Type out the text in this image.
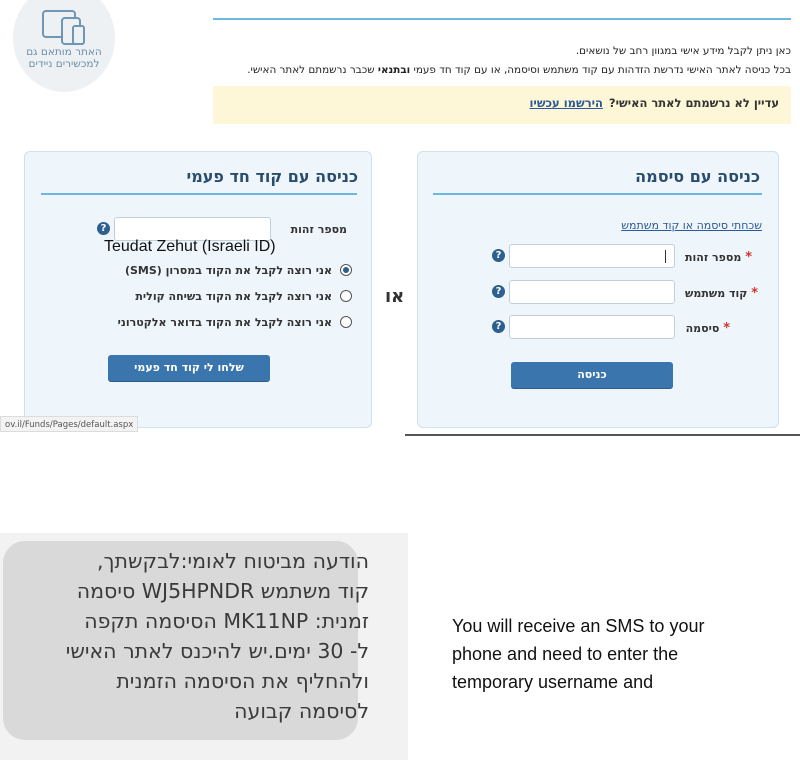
האתר מותאם גם
למכשירים ניידים

כאן ניתן לקבל מידע אישי במגוון רחב של נושאים.

בכל כניסה לאתר האישי נדרשת הזדהות עם קוד משתמש וסיסמה, או עם קוד חד פעמי ובתנאי שכבר נרשמתם לאתר האישי.

עדיין לא נרשמתם לאתר האישי?הירשמו עכשיו
כניסה עם סיסמה
שכחתי סיסמה או קוד משתמש
* מספר זהות
?
* קוד משתמש
?
* סיסמה
?
כניסה
או
כניסה עם קוד חד פעמי
מספר זהות
?
Teudat Zehut (Israeli ID)
אני רוצה לקבל את הקוד במסרון (SMS)
אני רוצה לקבל את הקוד בשיחה קולית
אני רוצה לקבל את הקוד בדואר אלקטרוני
שלחו לי קוד חד פעמי
ov.il/Funds/Pages/default.aspx
הודעה מביטוח לאומי:לבקשתך,
קוד משתמש WJ5HPNDR סיסמה
זמנית: MK11NP הסיסמה תקפה
ל- 30 ימים.יש להיכנס לאתר האישי
ולהחליף את הסיסמה הזמנית
לסיסמה קבועה
You will receive an SMS to your
phone and need to enter the
temporary username and
